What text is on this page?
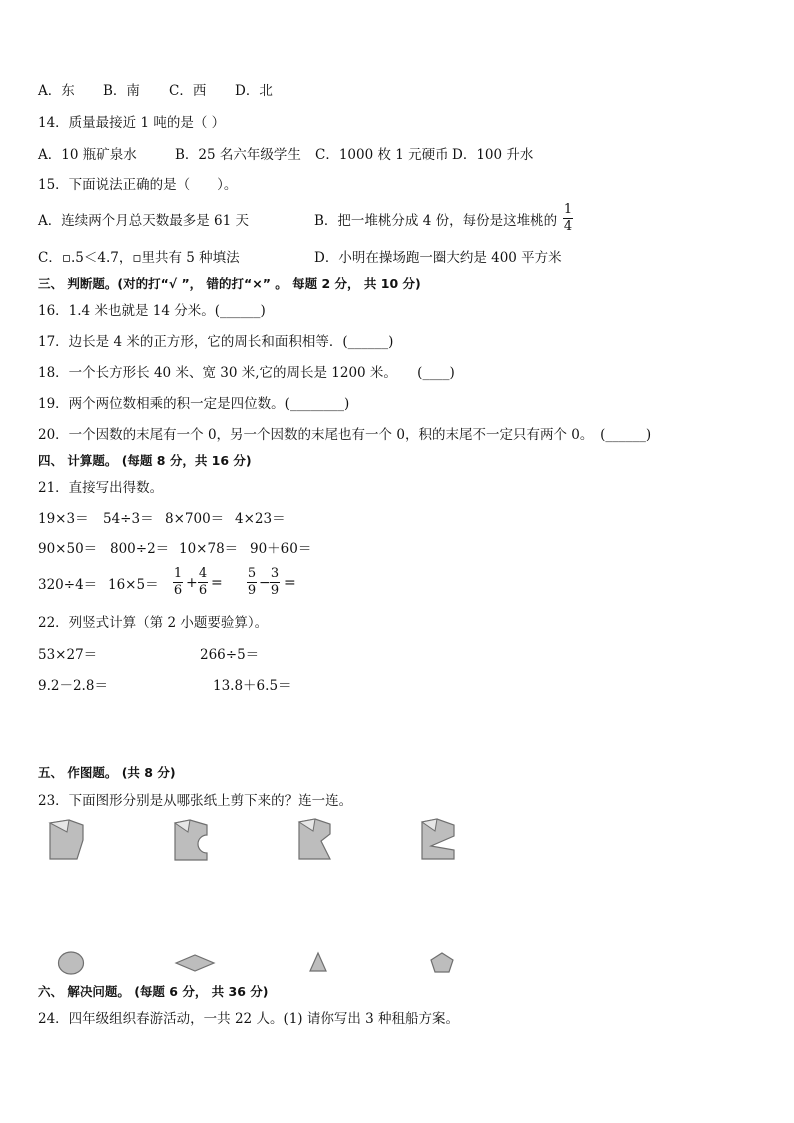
A．东 B．南 C．西 D．北
14．质量最接近 1 吨的是（ ）
A．10 瓶矿泉水	B．25 名六年级学生 C．1000 枚 1 元硬币 D．100 升水
15．下面说法正确的是（　　）。
A．连续两个月总天数最多是 61 天	B．把一堆桃分成 4 份，每份是这堆桃的
1
4
C．▫.5＜4.7，▫里共有 5 种填法	D．小明在操场跑一圈大约是 400 平方米
三、 判断题。(对的打“√ ”， 错的打“×” 。 每题 2 分， 共 10 分)
16．1.4 米也就是 14 分米。(______)
17．边长是 4 米的正方形，它的周长和面积相等．(______)
18．一个长方形长 40 米、宽 30 米,它的周长是 1200 米。　　(____)
19．两个两位数相乘的积一定是四位数。(________)
20．一个因数的末尾有一个 0，另一个因数的末尾也有一个 0，积的末尾不一定只有两个 0。　(______)
四、 计算题。 (每题 8 分，共 16 分)
21．直接写出得数。
19×3＝ 54÷3＝ 8×700＝ 4×23＝
90×50＝ 800÷2＝ 10×78＝ 90＋60＝
320÷4＝ 16×5＝
1
6 +
4
6 =
5
9 −
3
9 =
22．列竖式计算（第 2 小题要验算）。
53×27＝	266÷5＝
9.2－2.8＝	13.8＋6.5＝
五、 作图题。 (共 8 分)
23．下面图形分别是从哪张纸上剪下来的？连一连。
六、 解决问题。 (每题 6 分， 共 36 分)
24．四年级组织春游活动，一共 22 人。(1) 请你写出 3 种租船方案。
